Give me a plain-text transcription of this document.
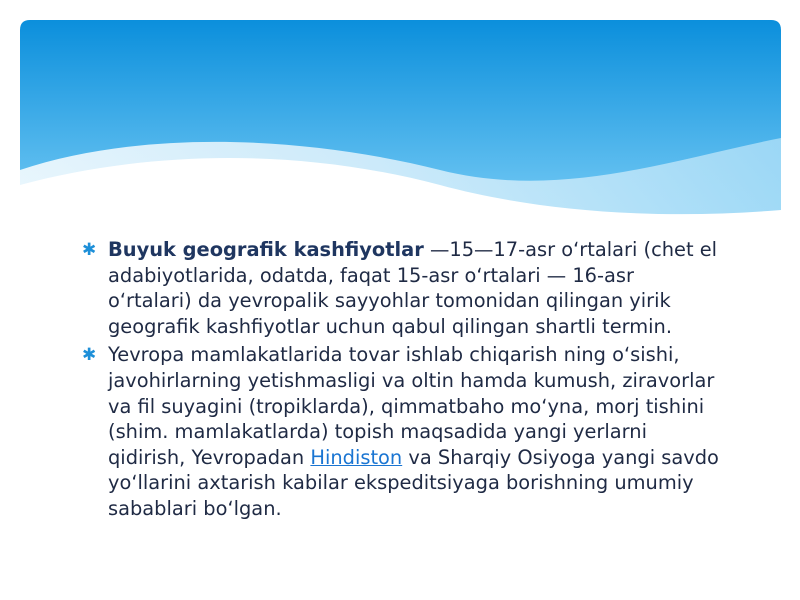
✱ Buyuk geografik kashfiyotlar —15—17-asr oʻrtalari (chet el adabiyotlarida, odatda, faqat 15-asr oʻrtalari — 16-asr oʻrtalari) da yevropalik sayyohlar tomonidan qilingan yirik geografik kashfiyotlar uchun qabul qilingan shartli termin.
✱ Yevropa mamlakatlarida tovar ishlab chiqarish ning oʻsishi, javohirlarning yetishmasligi va oltin hamda kumush, ziravorlar va fil suyagini (tropiklarda), qimmatbaho moʻyna, morj tishini (shim. mamlakatlarda) topish maqsadida yangi yerlarni qidirish, Yevropadan Hindiston va Sharqiy Osiyoga yangi savdo yoʻllarini axtarish kabilar ekspeditsiyaga borishning umumiy sabablari boʻlgan.
